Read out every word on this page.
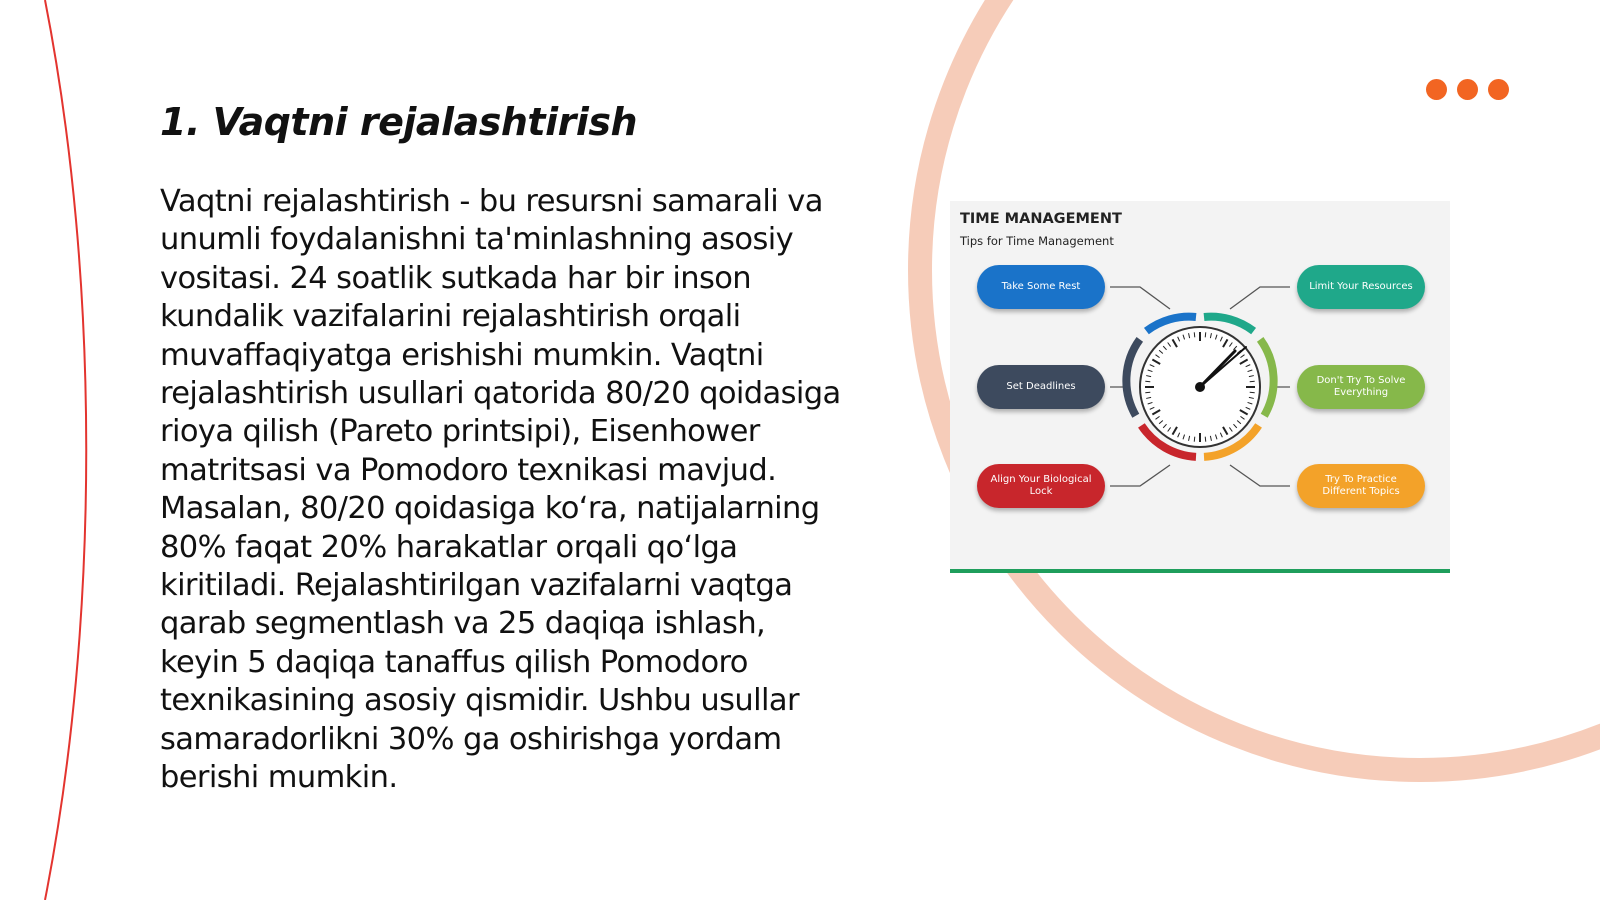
1. Vaqtni rejalashtirish

Vaqtni rejalashtirish - bu resursni samarali va unumli foydalanishni ta'minlashning asosiy vositasi. 24 soatlik sutkada har bir inson kundalik vazifalarini rejalashtirish orqali muvaffaqiyatga erishishi mumkin. Vaqtni rejalashtirish usullari qatorida 80/20 qoidasiga rioya qilish (Pareto printsipi), Eisenhower matritsasi va Pomodoro texnikasi mavjud. Masalan, 80/20 qoidasiga ko‘ra, natijalarning 80% faqat 20% harakatlar orqali qo‘lga kiritiladi. Rejalashtirilgan vazifalarni vaqtga qarab segmentlash va 25 daqiqa ishlash, keyin 5 daqiqa tanaffus qilish Pomodoro texnikasining asosiy qismidir. Ushbu usullar samaradorlikni 30% ga oshirishga yordam berishi mumkin.

TIME MANAGEMENT
Tips for Time Management
Take Some Rest	Limit Your Resources
Set Deadlines
Don't Try To Solve Everything
Align Your Biological Lock
Try To Practice Different Topics
